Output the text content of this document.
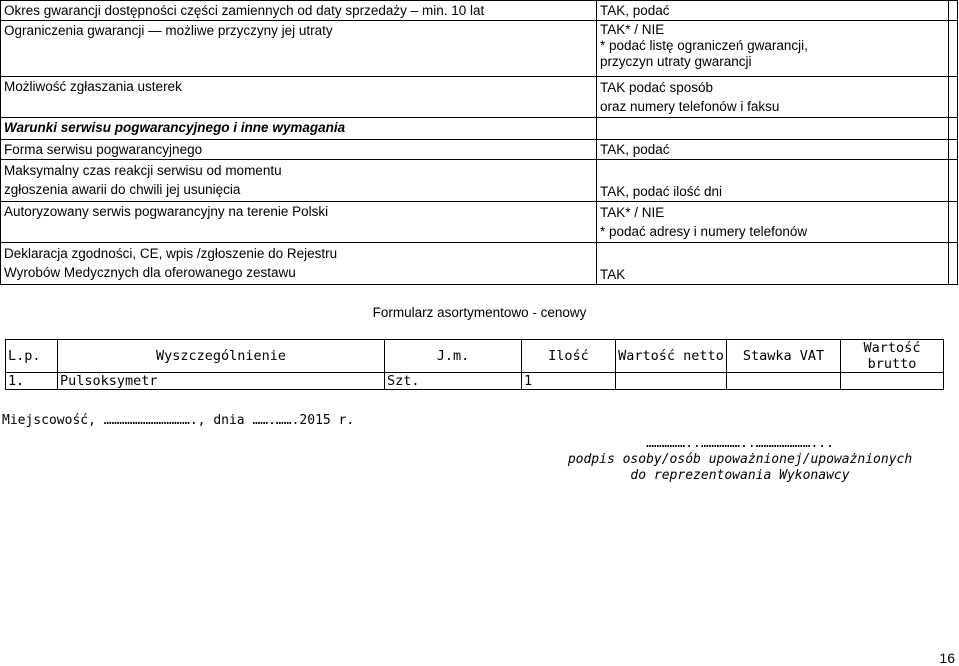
Okres gwarancji dostępności części zamiennych od daty sprzedaży – min. 10 lat	TAK, podać	
Ograniczenia gwarancji — możliwe przyczyny jej utraty	TAK* / NIE
* podać listę ograniczeń gwarancji,
przyczyn utraty gwarancji	
Możliwość zgłaszania usterek	TAK podać sposób
oraz numery telefonów i faksu	
Warunki serwisu pogwarancyjnego i inne wymagania		
Forma serwisu pogwarancyjnego	TAK, podać	
Maksymalny czas reakcji serwisu od momentu
zgłoszenia awarii do chwili jej usunięcia	TAK, podać ilość dni	
Autoryzowany serwis pogwarancyjny na terenie Polski	TAK* / NIE
* podać adresy i numery telefonów	
Deklaracja zgodności, CE, wpis /zgłoszenie do Rejestru
Wyrobów Medycznych dla oferowanego zestawu	TAK	
Formularz asortymentowo - cenowy
L.p.	Wyszczególnienie	J.m.	Ilość	Wartość netto	Stawka VAT	Wartość brutto
1.	Pulsoksymetr	Szt.	1			
Miejscowość, ……………………………., dnia …….…….2015 r.
……………..……………..…………………...
podpis osoby/osób upoważnionej/upoważnionych
do reprezentowania Wykonawcy
16
